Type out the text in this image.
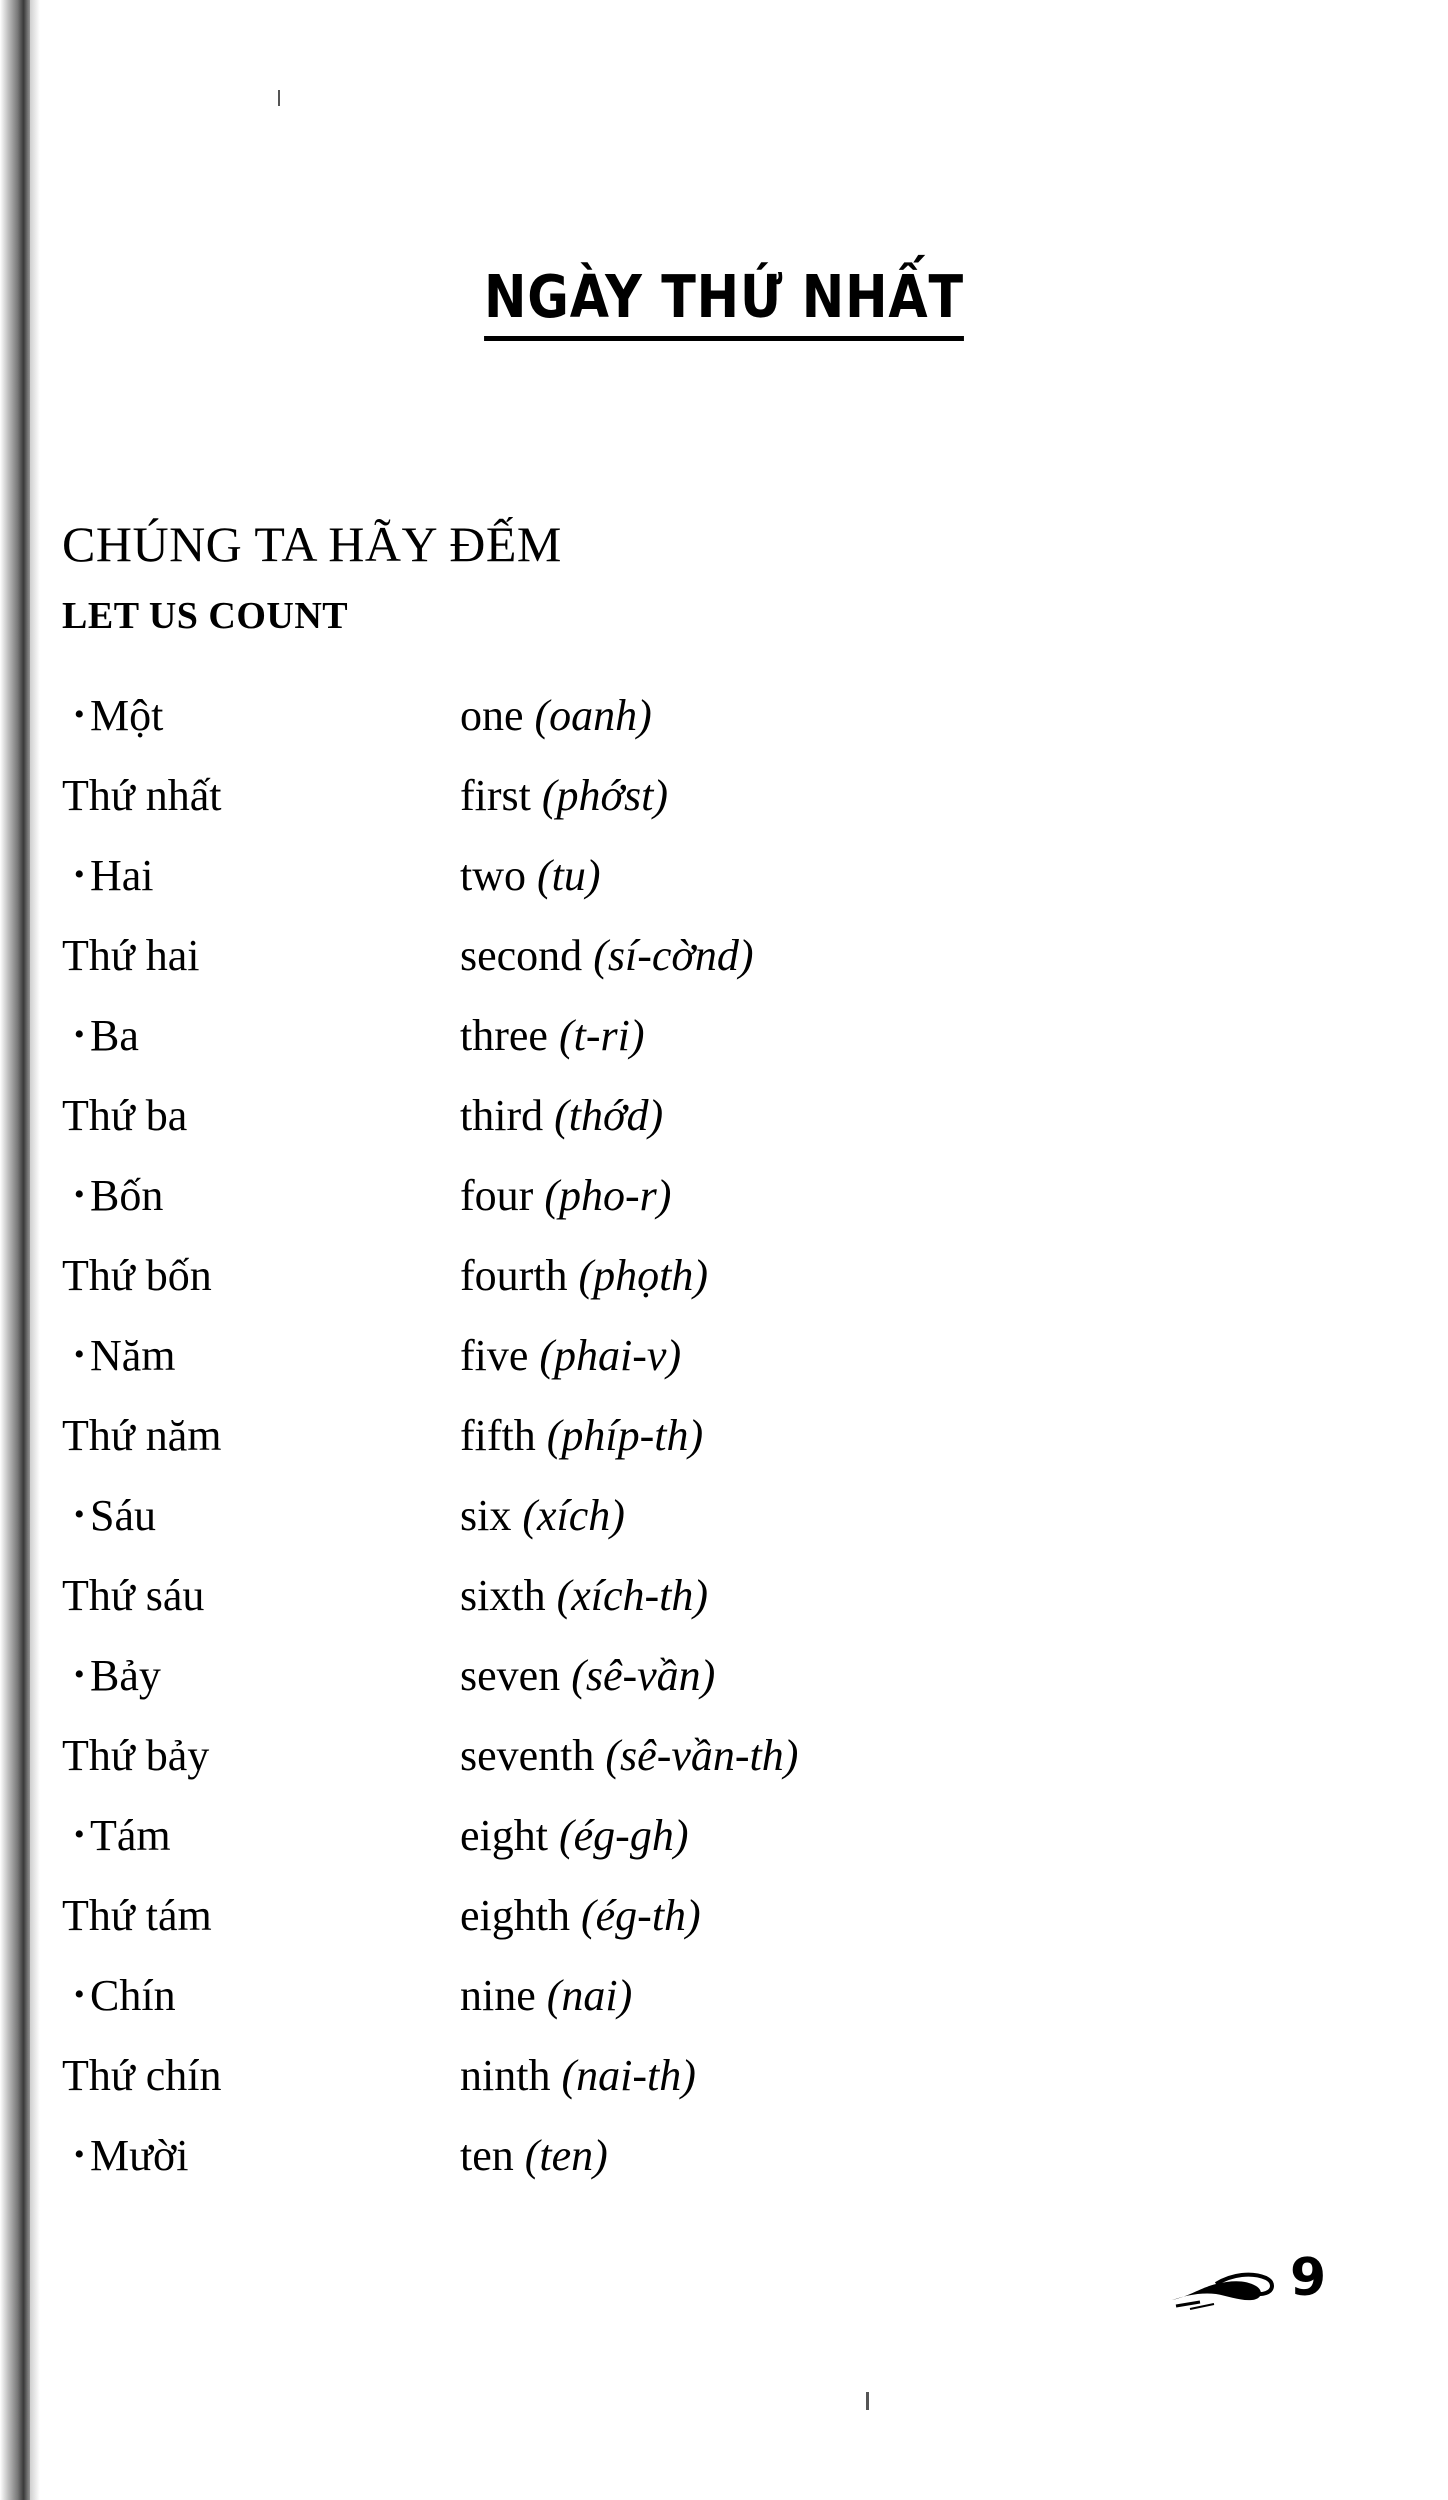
NGÀY THỨ NHẤT
CHÚNG TA HÃY ĐẾM
LET US COUNT
• Một	one (oanh)
Thứ nhất	first (phớst)
• Hai	two (tu)
Thứ hai	second (sí-cờnd)
• Ba	three (t-ri)
Thứ ba	third (thớd)
• Bốn	four (pho-r)
Thứ bốn	fourth (phọth)
• Năm	five (phai-v)
Thứ năm	fifth (phíp-th)
• Sáu	six (xích)
Thứ sáu	sixth (xích-th)
• Bảy	seven (sê-vần)
Thứ bảy	seventh (sê-vần-th)
• Tám	eight (ég-gh)
Thứ tám	eighth (ég-th)
• Chín	nine (nai)
Thứ chín	ninth (nai-th)
• Mười	ten (ten)
9
